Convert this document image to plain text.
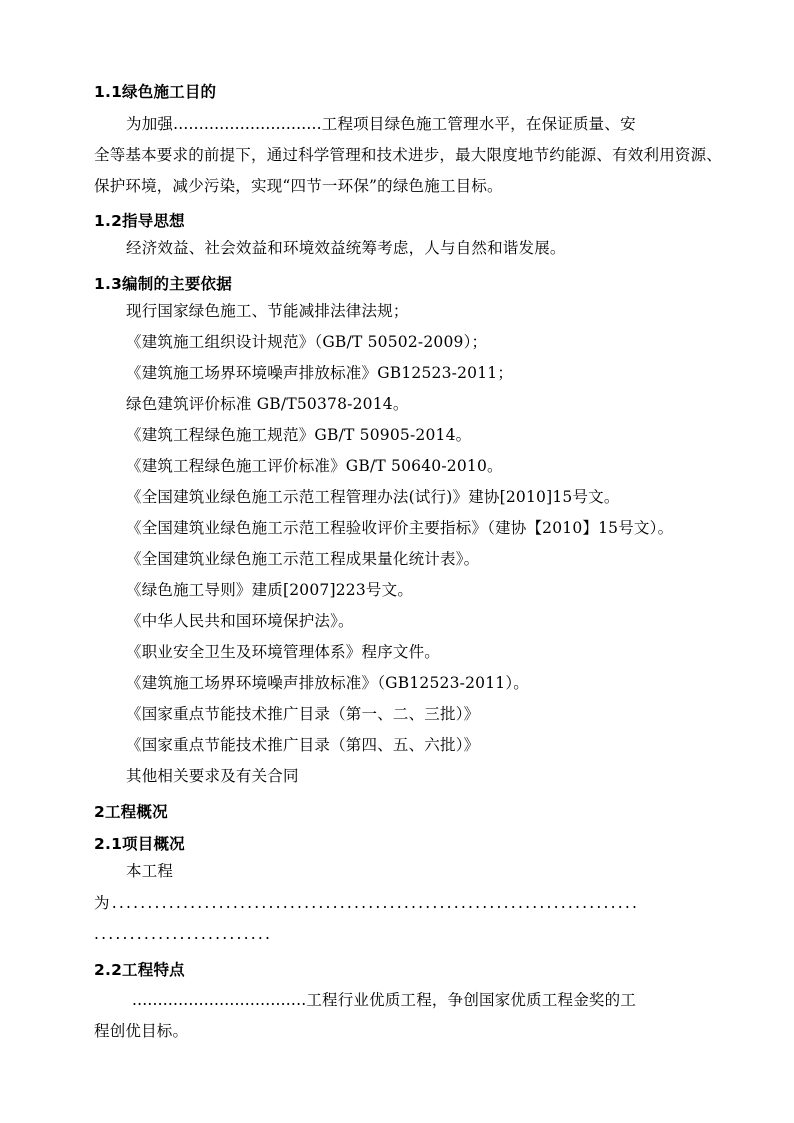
1.1绿色施工目的
为加强.............................工程项目绿色施工管理水平，在保证质量、安
全等基本要求的前提下，通过科学管理和技术进步，最大限度地节约能源、有效利用资源、
保护环境，减少污染，实现“四节一环保”的绿色施工目标。
1.2指导思想
经济效益、社会效益和环境效益统筹考虑，人与自然和谐发展。
1.3编制的主要依据
现行国家绿色施工、节能减排法律法规；
《建筑施工组织设计规范》（GB/T 50502-2009）；
《建筑施工场界环境噪声排放标准》GB12523-2011；
绿色建筑评价标准 GB/T50378-2014。
《建筑工程绿色施工规范》GB/T 50905-2014。
《建筑工程绿色施工评价标准》GB/T 50640-2010。
《全国建筑业绿色施工示范工程管理办法(试行)》建协[2010]15号文。
《全国建筑业绿色施工示范工程验收评价主要指标》（建协【2010】15号文）。
《全国建筑业绿色施工示范工程成果量化统计表》。
《绿色施工导则》建质[2007]223号文。
《中华人民共和国环境保护法》。
《职业安全卫生及环境管理体系》程序文件。
《建筑施工场界环境噪声排放标准》（GB12523-2011）。
《国家重点节能技术推广目录（第一、二、三批）》
《国家重点节能技术推广目录（第四、五、六批）》
其他相关要求及有关合同
2工程概况
2.1项目概况
本工程
为..........................................................................
.........................
2.2工程特点
..................................工程行业优质工程，争创国家优质工程金奖的工
程创优目标。
